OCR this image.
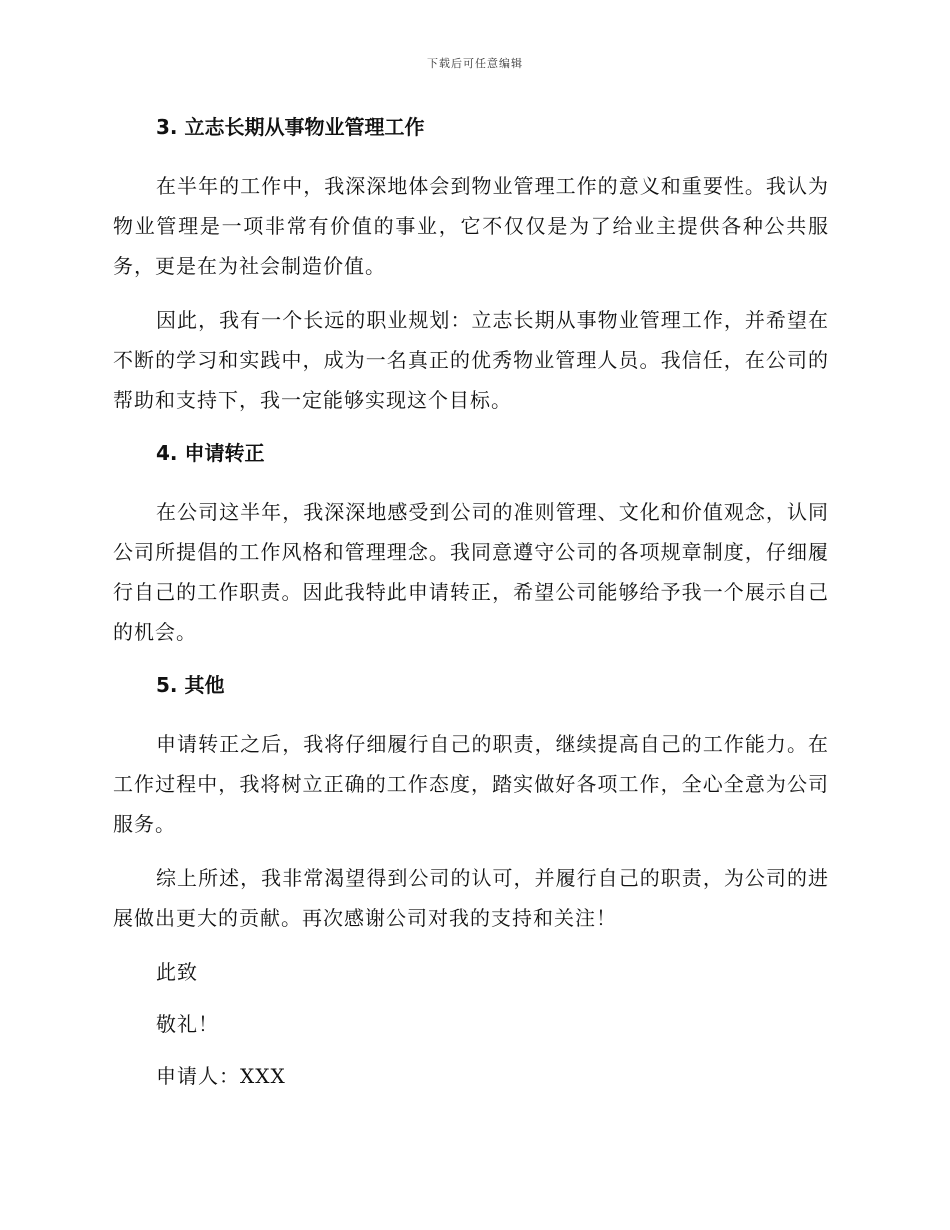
下载后可任意编辑
3. 立志长期从事物业管理工作

在半年的工作中，我深深地体会到物业管理工作的意义和重要性。我认为物业管理是一项非常有价值的事业，它不仅仅是为了给业主提供各种公共服务，更是在为社会制造价值。

因此，我有一个长远的职业规划：立志长期从事物业管理工作，并希望在不断的学习和实践中，成为一名真正的优秀物业管理人员。我信任，在公司的帮助和支持下，我一定能够实现这个目标。

4. 申请转正

在公司这半年，我深深地感受到公司的准则管理、文化和价值观念，认同公司所提倡的工作风格和管理理念。我同意遵守公司的各项规章制度，仔细履行自己的工作职责。因此我特此申请转正，希望公司能够给予我一个展示自己的机会。

5. 其他

申请转正之后，我将仔细履行自己的职责，继续提高自己的工作能力。在工作过程中，我将树立正确的工作态度，踏实做好各项工作，全心全意为公司服务。

综上所述，我非常渴望得到公司的认可，并履行自己的职责，为公司的进展做出更大的贡献。再次感谢公司对我的支持和关注！

此致

敬礼！

申请人：XXX
